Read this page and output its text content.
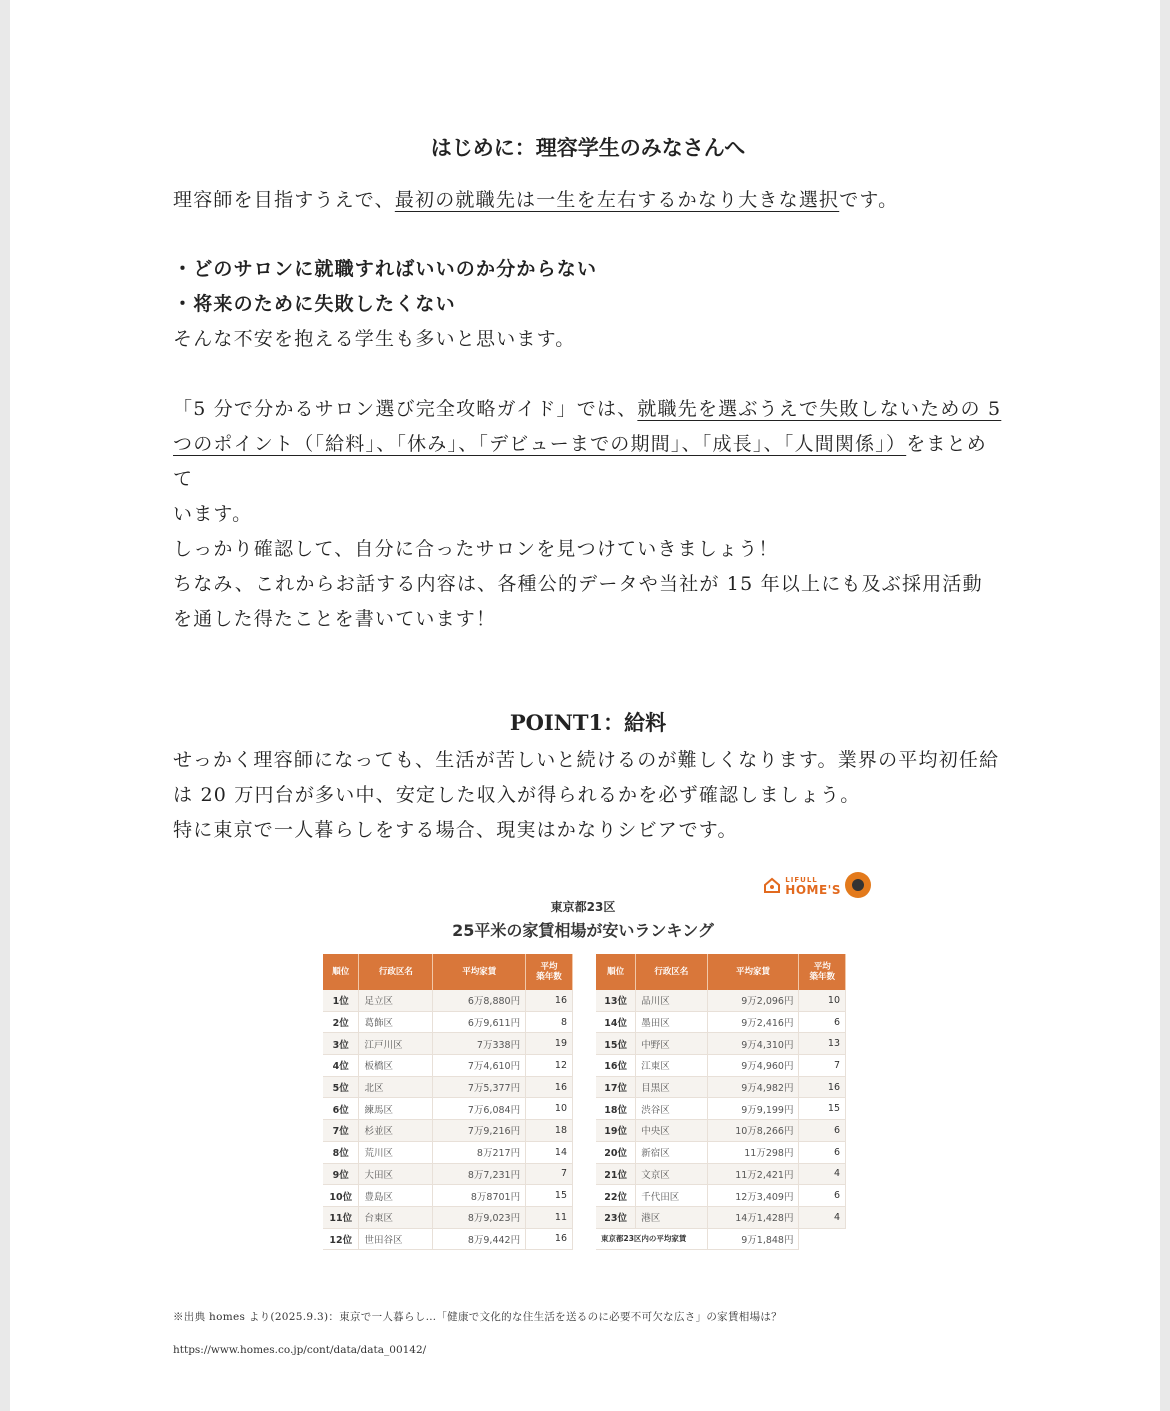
はじめに：理容学生のみなさんへ

理容師を目指すうえで、最初の就職先は一生を左右するかなり大きな選択です。

・どのサロンに就職すればいいのか分からない

・将来のために失敗したくない

そんな不安を抱える学生も多いと思います。

「5 分で分かるサロン選び完全攻略ガイド」では、就職先を選ぶうえで失敗しないための 5

つのポイント（「給料」、「休み」、「デビューまでの期間」、「成長」、「人間関係」）をまとめて

います。

しっかり確認して、自分に合ったサロンを見つけていきましょう！

ちなみ、これからお話する内容は、各種公的データや当社が 15 年以上にも及ぶ採用活動

を通した得たことを書いています！

POINT1：給料

せっかく理容師になっても、生活が苦しいと続けるのが難しくなります。業界の平均初任給

は 20 万円台が多い中、安定した収入が得られるかを必ず確認しましょう。

特に東京で一人暮らしをする場合、現実はかなりシビアです。

LIFULL
HOME'S
東京都23区
25平米の家賃相場が安いランキング
順位	行政区名	平均家賃	平均
築年数
1位	足立区	6万8,880円	16
2位	葛飾区	6万9,611円	8
3位	江戸川区	7万338円	19
4位	板橋区	7万4,610円	12
5位	北区	7万5,377円	16
6位	練馬区	7万6,084円	10
7位	杉並区	7万9,216円	18
8位	荒川区	8万217円	14
9位	大田区	8万7,231円	7
10位	豊島区	8万8701円	15
11位	台東区	8万9,023円	11
12位	世田谷区	8万9,442円	16
順位	行政区名	平均家賃	平均
築年数
13位	品川区	9万2,096円	10
14位	墨田区	9万2,416円	6
15位	中野区	9万4,310円	13
16位	江東区	9万4,960円	7
17位	目黒区	9万4,982円	16
18位	渋谷区	9万9,199円	15
19位	中央区	10万8,266円	6
20位	新宿区	11万298円	6
21位	文京区	11万2,421円	4
22位	千代田区	12万3,409円	6
23位	港区	14万1,428円	4
東京都23区内の平均家賃		9万1,848円	
※出典 homes より(2025.9.3)：東京で一人暮らし…「健康で文化的な住生活を送るのに必要不可欠な広さ」の家賃相場は？
https://www.homes.co.jp/cont/data/data_00142/
